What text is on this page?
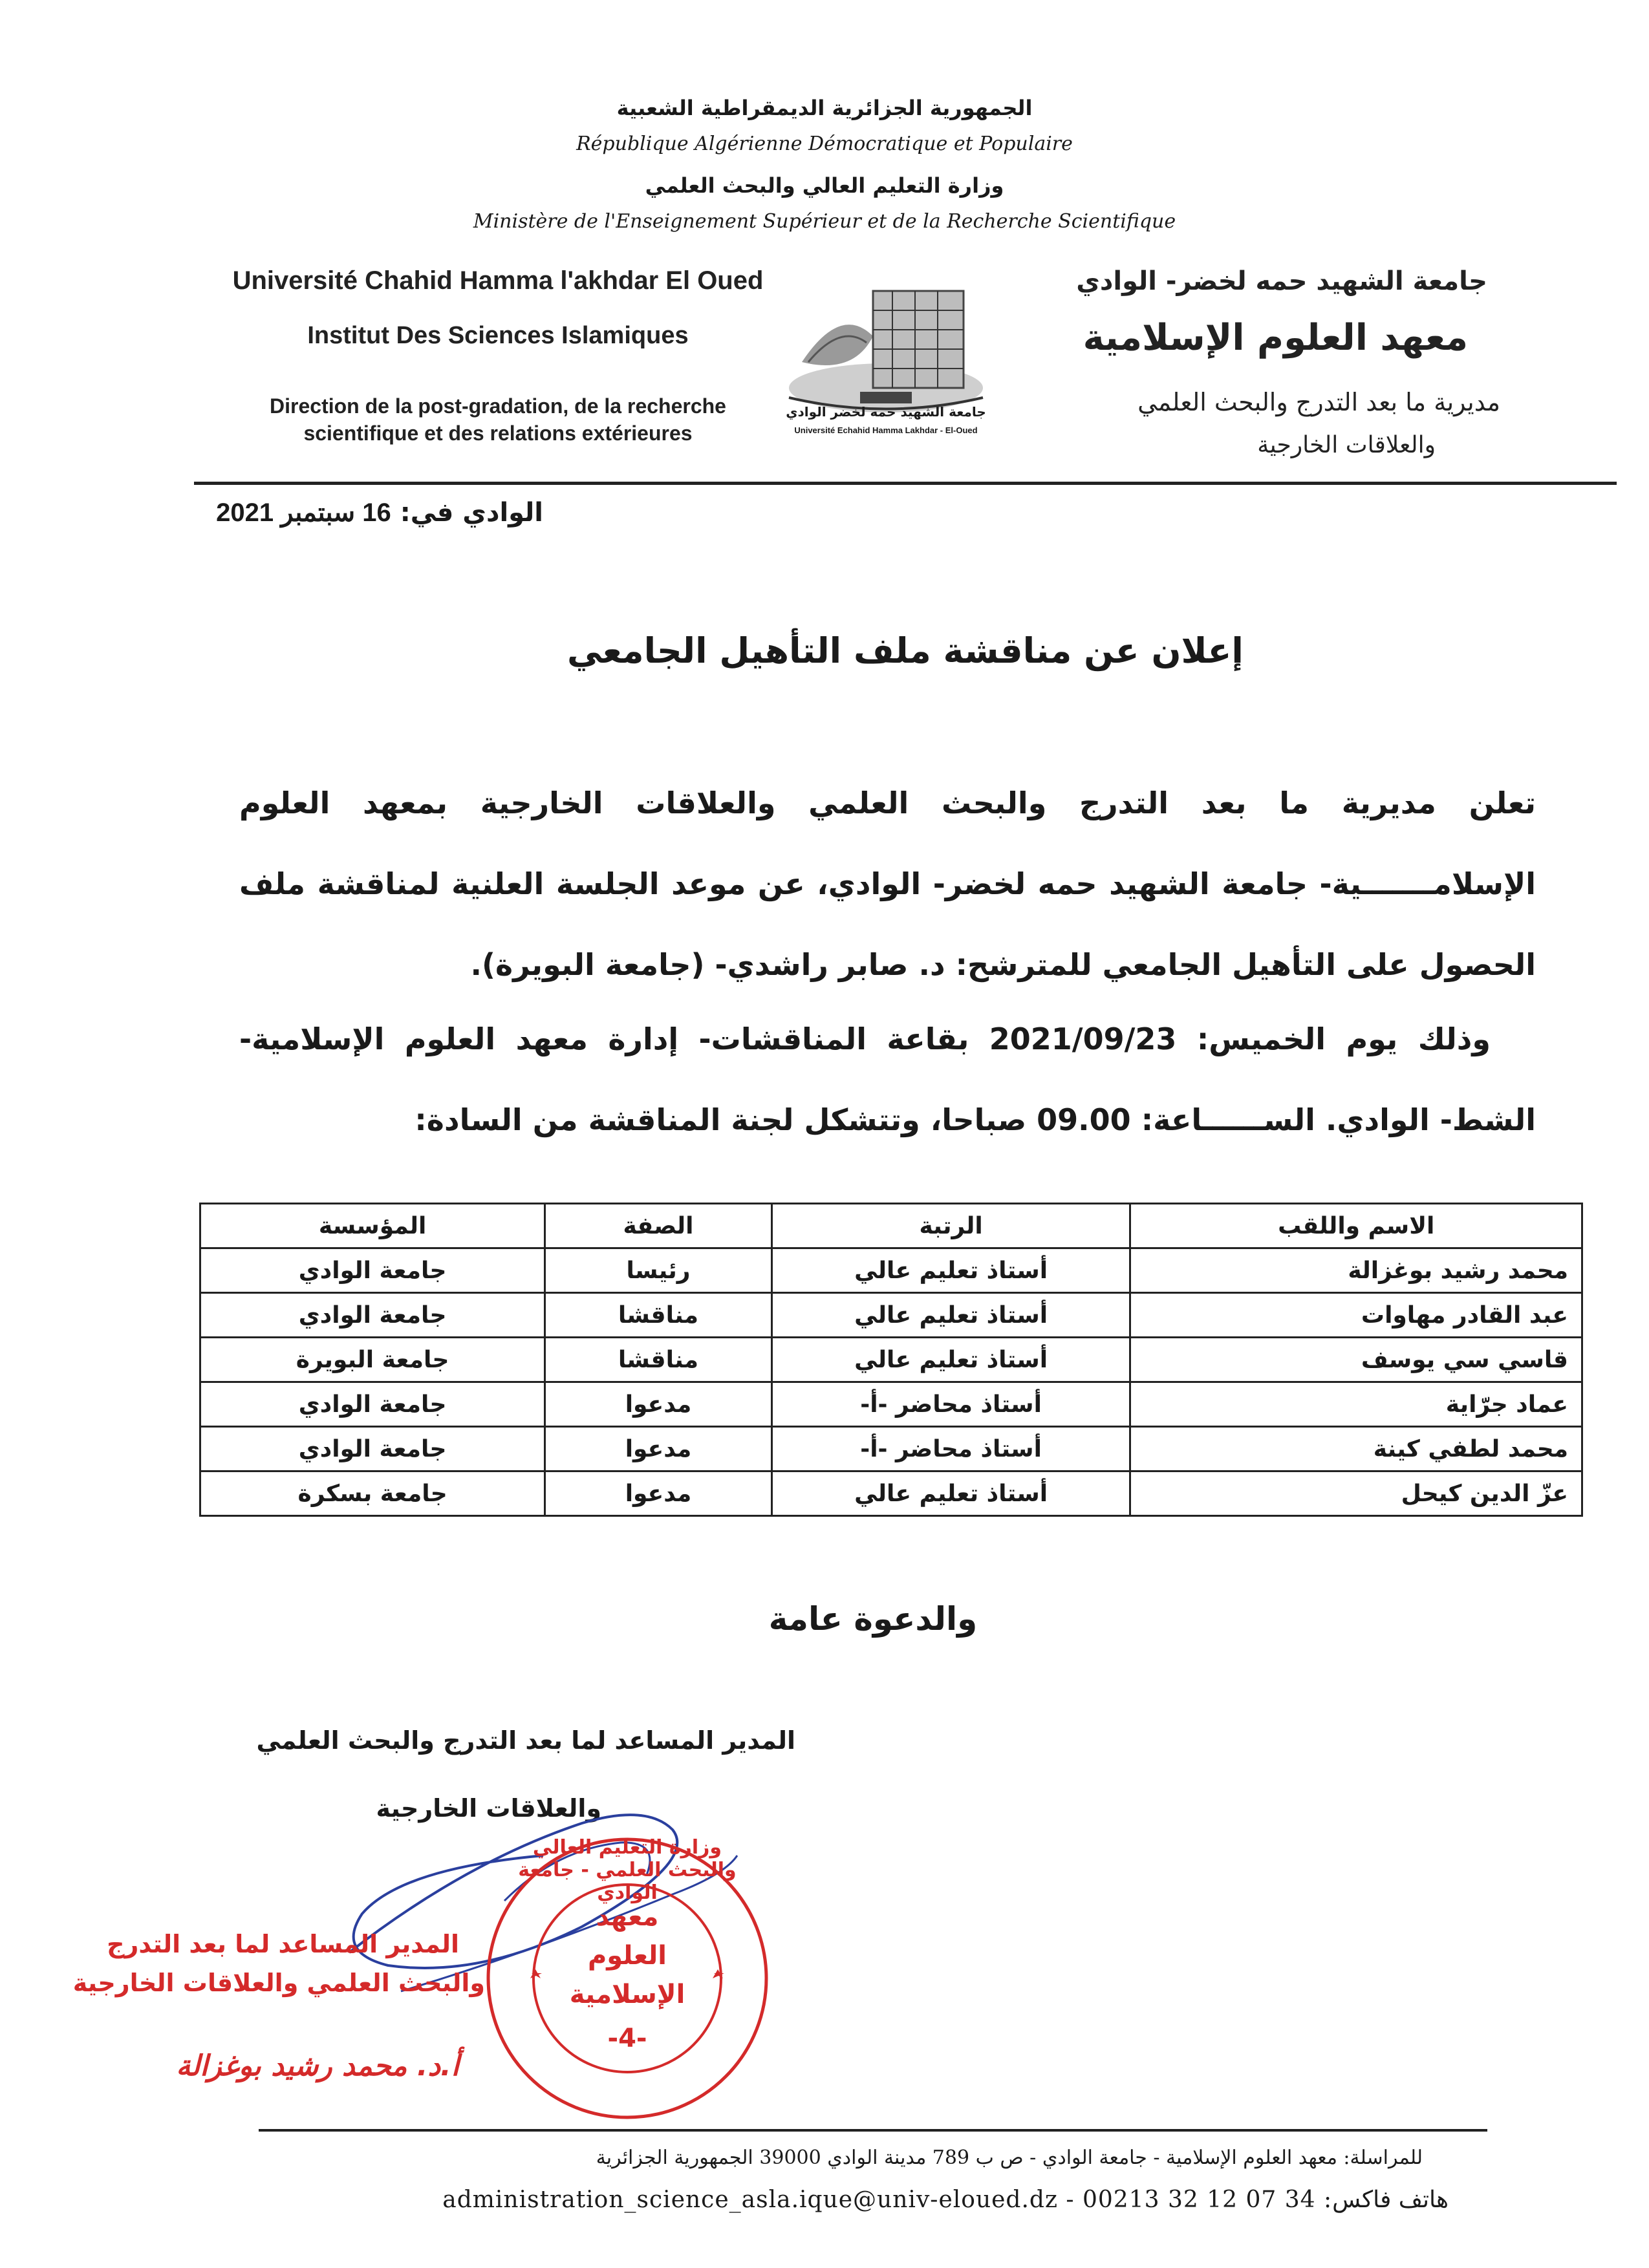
الجمهورية الجزائرية الديمقراطية الشعبية
République Algérienne Démocratique et Populaire
وزارة التعليم العالي والبحث العلمي
Ministère de l'Enseignement Supérieur et de la Recherche Scientifique
Université Chahid Hamma l'akhdar El Oued
Institut Des Sciences Islamiques
Direction de la post-gradation, de la recherche
scientifique et des relations extérieures
جامعة الشهيد حمه لخضر الوادي
Université Echahid Hamma Lakhdar - El-Oued
جامعة الشهيد حمه لخضر- الوادي
معهد العلوم الإسلامية
مديرية ما بعد التدرج والبحث العلمي
والعلاقات الخارجية
الوادي في: 16 سبتمبر 2021
إعلان عن مناقشة ملف التأهيل الجامعي
تعلن مديرية ما بعد التدرج والبحث العلمي والعلاقات الخارجية بمعهد العلوم الإسلامـــــــية- جامعة الشهيد حمه لخضر- الوادي، عن موعد الجلسة العلنية لمناقشة ملف الحصول على التأهيل الجامعي للمترشح: د. صابر راشدي- (جامعة البويرة).
وذلك يوم الخميس: 2021/09/23 بقاعة المناقشات- إدارة معهد العلوم الإسلامية- الشط- الوادي. الســــــاعة: 09.00 صباحا، وتتشكل لجنة المناقشة من السادة:
الاسم واللقب	الرتبة	الصفة	المؤسسة
محمد رشيد بوغزالة	أستاذ تعليم عالي	رئيسا	جامعة الوادي
عبد القادر مهاوات	أستاذ تعليم عالي	مناقشا	جامعة الوادي
قاسي سي يوسف	أستاذ تعليم عالي	مناقشا	جامعة البويرة
عماد جرّاية	أستاذ محاضر -أ-	مدعوا	جامعة الوادي
محمد لطفي كينة	أستاذ محاضر -أ-	مدعوا	جامعة الوادي
عزّ الدين كيحل	أستاذ تعليم عالي	مدعوا	جامعة بسكرة
والدعوة عامة
المدير المساعد لما بعد التدرج والبحث العلمي
والعلاقات الخارجية
المدير المساعد لما بعد التدرج
والبحث العلمي والعلاقات الخارجية
أ.د. محمد رشيد بوغزالة
وزارة التعليم العالي والبحث العلمي - جامعة الوادي
معهد
العلوم
الإسلامية
-4-
للمراسلة: معهد العلوم الإسلامية - جامعة الوادي - ص ب 789 مدينة الوادي 39000 الجمهورية الجزائرية
administration_science_asla.ique@univ-eloued.dz - 00213 32 12 07 34 :هاتف فاكس
